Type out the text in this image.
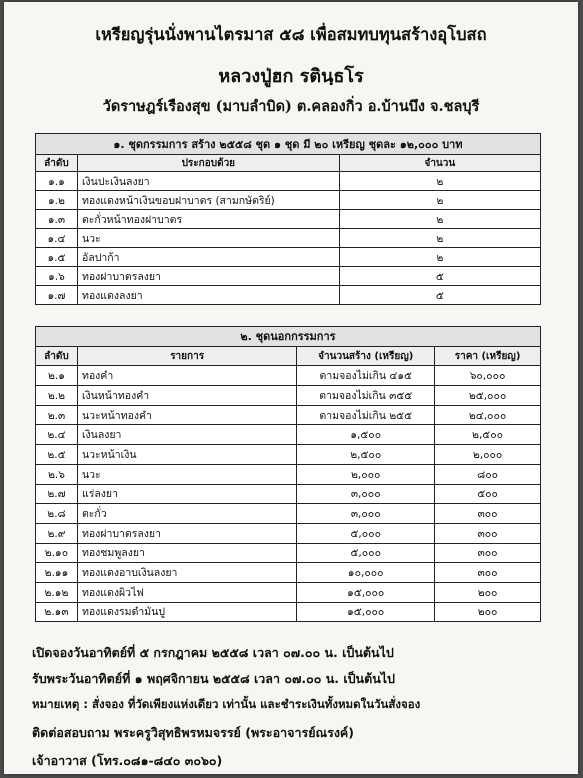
เหรียญรุ่นนั่งพานไตรมาส ๕๘ เพื่อสมทบทุนสร้างอุโบสถ
หลวงปู่ฮก รตินฺธโร
วัดราษฎร์เรืองสุข (มาบลำบิด) ต.คลองกิ่ว อ.บ้านบึง จ.ชลบุรี
๑. ชุดกรรมการ สร้าง ๒๕๕๘ ชุด ๑ ชุด มี ๒๐ เหรียญ ชุดละ ๑๒,๐๐๐ บาท		
ลำดับ	ประกอบด้วย	จำนวน
๑.๑	เงินปะเงินลงยา	๒
๑.๒	ทองแดงหน้าเงินขอบฝาบาตร (สามกษัตริย์)	๒
๑.๓	ตะกั่วหน้าทองฝาบาตร	๒
๑.๔	นวะ	๒
๑.๕	อัลปาก้า	๒
๑.๖	ทองฝาบาตรลงยา	๕
๑.๗	ทองแดงลงยา	๕
๒. ชุดนอกกรรมการ			
ลำดับ	รายการ	จำนวนสร้าง (เหรียญ)	ราคา (เหรียญ)
๒.๑	ทองคำ	ตามจองไม่เกิน ๔๑๕	๖๐,๐๐๐
๒.๒	เงินหน้าทองคำ	ตามจองไม่เกิน ๓๕๕	๒๕,๐๐๐
๒.๓	นวะหน้าทองคำ	ตามจองไม่เกิน ๒๕๕	๒๔,๐๐๐
๒.๔	เงินลงยา	๑,๕๐๐	๒,๕๐๐
๒.๕	นวะหน้าเงิน	๒,๕๐๐	๒,๐๐๐
๒.๖	นวะ	๒,๐๐๐	๘๐๐
๒.๗	แร่ลงยา	๓,๐๐๐	๕๐๐
๒.๘	ตะกั่ว	๓,๐๐๐	๓๐๐
๒.๙	ทองฝาบาตรลงยา	๕,๐๐๐	๓๐๐
๒.๑๐	ทองชมพูลงยา	๕,๐๐๐	๓๐๐
๒.๑๑	ทองแดงอาบเงินลงยา	๑๐,๐๐๐	๓๐๐
๒.๑๒	ทองแดงผิวไฟ	๑๕,๐๐๐	๒๐๐
๒.๑๓	ทองแดงรมดำมันปู	๑๕,๐๐๐	๒๐๐
เปิดจองวันอาทิตย์ที่ ๕ กรกฎาคม ๒๕๕๘ เวลา ๐๗.๐๐ น. เป็นต้นไป
รับพระวันอาทิตย์ที่ ๑ พฤศจิกายน ๒๕๕๘ เวลา ๐๗.๐๐ น. เป็นต้นไป
หมายเหตุ : สั่งจอง ที่วัดเพียงแห่งเดียว เท่านั้น และชำระเงินทั้งหมดในวันสั่งจอง
ติดต่อสอบถาม พระครูวิสุทธิพรหมจรรย์ (พระอาจารย์ณรงค์)
เจ้าอาวาส (โทร.๐๘๑-๘๔๐ ๓๐๖๐)
